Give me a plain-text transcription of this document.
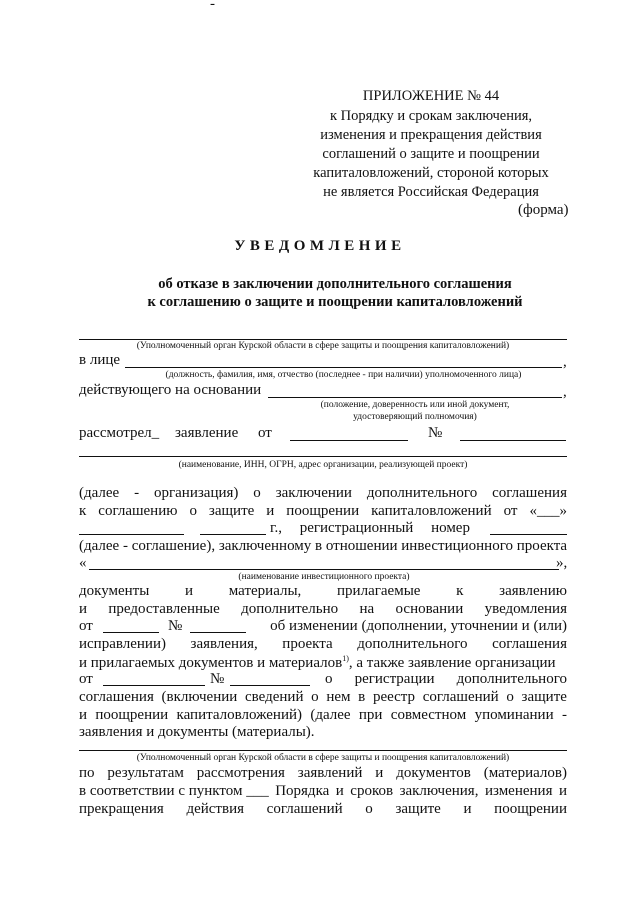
-
ПРИЛОЖЕНИЕ № 44
к Порядку и срокам заключения,
изменения и прекращения действия
соглашений о защите и поощрении
капиталовложений, стороной которых
не является Российская Федерация
(форма)
УВЕДОМЛЕНИЕ
об отказе в заключении дополнительного соглашения
к соглашению о защите и поощрении капиталовложений
(Уполномоченный орган Курской области в сфере защиты и поощрения капиталовложений)
в лице	,
(должность, фамилия, имя, отчество (последнее - при наличии) уполномоченного лица)
действующего на основании	,
(положение, доверенность или иной документ,
удостоверяющий полномочия)
рассмотрел_ заявление от	№
(наименование, ИНН, ОГРН, адрес организации, реализующей проект)
(далее - организация) о заключении дополнительного соглашения
к соглашению о защите и поощрении капиталовложений от «___»
г., регистрационный номер
(далее - соглашение), заключенному в отношении инвестиционного проекта
«	»,
(наименование инвестиционного проекта)
документы и материалы, прилагаемые к заявлению
и предоставленные дополнительно на основании уведомления
от	№	об изменении (дополнении, уточнении и (или)
исправлении) заявления, проекта дополнительного соглашения
и прилагаемых документов и материалов$^{1)}$, а также заявление организации
от	№	о регистрации дополнительного
соглашения (включении сведений о нем в реестр соглашений о защите
и поощрении капиталовложений) (далее при совместном упоминании -
заявления и документы (материалы).
(Уполномоченный орган Курской области в сфере защиты и поощрения капиталовложений)
по результатам рассмотрения заявлений и документов (материалов)
в соответствии с пунктом ___ Порядка и сроков заключения, изменения и
прекращения действия соглашений о защите и поощрении
